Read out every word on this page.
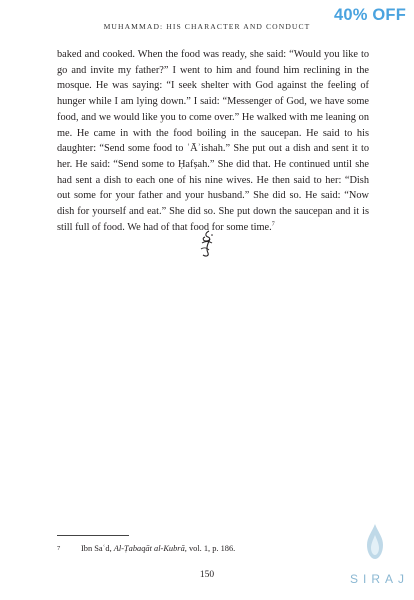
MUHAMMAD: HIS CHARACTER AND CONDUCT
40% OFF

baked and cooked. When the food was ready, she said: “Would you like to go and invite my father?” I went to him and found him reclining in the mosque. He was saying: “I seek shelter with God against the feeling of hunger while I am lying down.” I said: “Messenger of God, we have some food, and we would like you to come over.” He walked with me leaning on me. He came in with the food boiling in the saucepan. He said to his daughter: “Send some food to ʿĀʾishah.” She put out a dish and sent it to her. He said: “Send some to Ḥafṣah.” She did that. He continued until she had sent a dish to each one of his nine wives. He then said to her: “Dish out some for your father and your husband.” She did so. He said: “Now dish for yourself and eat.” She did so. She put down the saucepan and it is still full of food. We had of that food for some time.$^7$

7	Ibn Saʿd, Al-Ṭabaqāt al-Kubrā, vol. 1, p. 186.
150	SIRAJ
